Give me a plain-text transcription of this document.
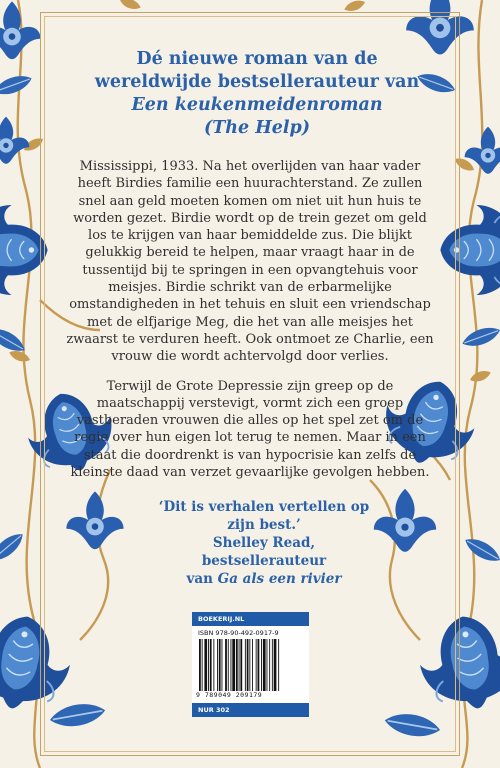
Dé nieuwe roman van de
wereldwijde bestsellerauteur van
Een keukenmeidenroman
(The Help)

Mississippi, 1933. Na het overlijden van haar vader heeft Birdies familie een huurachterstand. Ze zullen snel aan geld moeten komen om niet uit hun huis te worden gezet. Birdie wordt op de trein gezet om geld los te krijgen van haar bemiddelde zus. Die blijkt gelukkig bereid te helpen, maar vraagt haar in de tussentijd bij te springen in een opvangtehuis voor meisjes. Birdie schrikt van de erbarmelijke omstandigheden in het tehuis en sluit een vriendschap met de elfjarige Meg, die het van alle meisjes het zwaarst te verduren heeft. Ook ontmoet ze Charlie, een vrouw die wordt achtervolgd door verlies.

Terwijl de Grote Depressie zijn greep op de maatschappij verstevigt, vormt zich een groep vastberaden vrouwen die alles op het spel zet om de regie over hun eigen lot terug te nemen. Maar in een staat die doordrenkt is van hypocrisie kan zelfs de kleinste daad van verzet gevaarlijke gevolgen hebben.

‘Dit is verhalen vertellen op zijn best.’
Shelley Read, bestsellerauteur
van Ga als een rivier
BOEKERIJ.NL
ISBN 978-90-492-0917-9
9 789049 209179
NUR 302
